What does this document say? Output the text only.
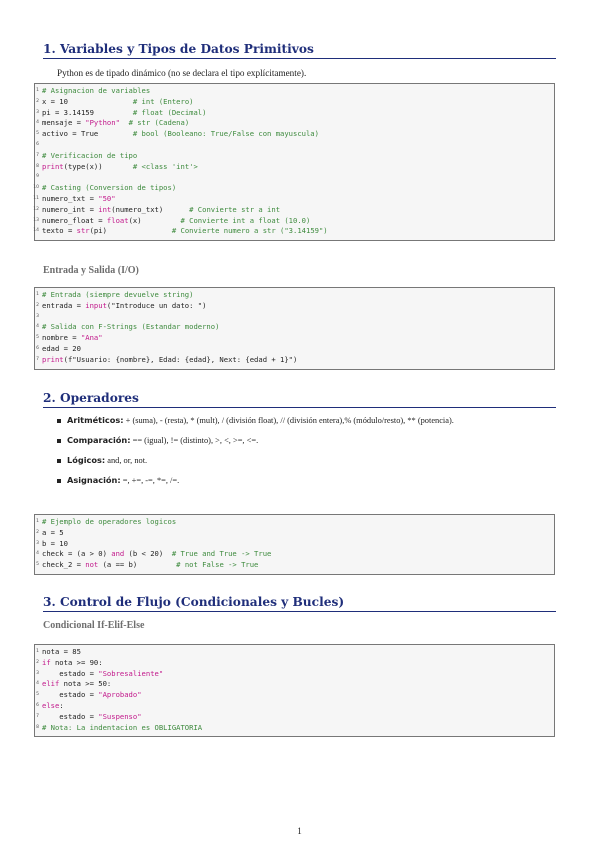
1. Variables y Tipos de Datos Primitivos
Python es de tipado dinámico (no se declara el tipo explícitamente).
1 # Asignacion de variables
2 x = 10	# int (Entero)
3 pi = 3.14159	# float (Decimal)
4 mensaje = "Python" # str (Cadena)
5 activo = True	# bool (Booleano: True/False con mayuscula)
6
7 # Verificacion de tipo
8 print(type(x))	# <class 'int'>
9
10 # Casting (Conversion de tipos)
11 numero_txt = "50"
12 numero_int = int(numero_txt)	# Convierte str a int
13 numero_float = float(x)	# Convierte int a float (10.0)
14 texto = str(pi)	# Convierte numero a str ("3.14159")
Entrada y Salida (I/O)
1 # Entrada (siempre devuelve string)
2 entrada = input("Introduce un dato: ")
3
4 # Salida con F-Strings (Estandar moderno)
5 nombre = "Ana"
6 edad = 20
7 print(f"Usuario: {nombre}, Edad: {edad}, Next: {edad + 1}")
2. Operadores
Aritméticos: + (suma), - (resta), * (mult), / (división float), // (división entera),% (módulo/resto), ** (potencia).
Comparación: == (igual), != (distinto), >, <, >=, <=.
Lógicos: and, or, not.
Asignación: =, +=, -=, *=, /=.
1 # Ejemplo de operadores logicos
2 a = 5
3 b = 10
4 check = (a > 0) and (b < 20) # True and True -> True
5 check_2 = not (a == b)	# not False -> True
3. Control de Flujo (Condicionales y Bucles)
Condicional If-Elif-Else
1 nota = 85
2 if nota >= 90:
3 estado = "Sobresaliente"
4 elif nota >= 50:
5 estado = "Aprobado"
6 else:
7 estado = "Suspenso"
8 # Nota: La indentacion es OBLIGATORIA
1
